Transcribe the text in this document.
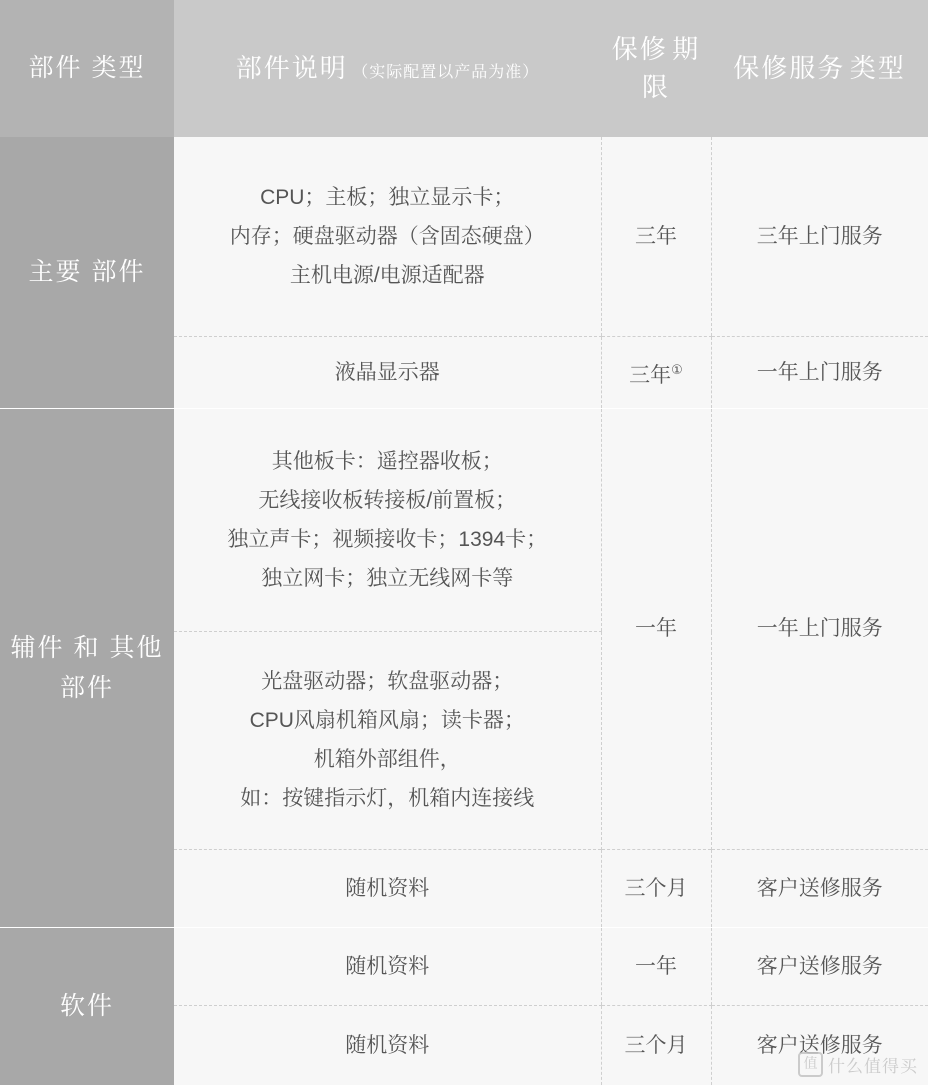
部件 类型	部件说明 （实际配置以产品为准）	保修 期限	保修服务 类型
主要 部件	CPU；主板；独立显示卡；
内存；硬盘驱动器（含固态硬盘）
主机电源/电源适配器	三年	三年上门服务

	液晶显示器	三年①	一年上门服务
辅件 和 其他部件	其他板卡：遥控器收板；
无线接收板转接板/前置板；
独立声卡；视频接收卡；1394卡；
独立网卡；独立无线网卡等	一年	一年上门服务

	光盘驱动器；软盘驱动器；
CPU风扇机箱风扇；读卡器；
机箱外部组件，
如：按键指示灯，机箱内连接线		

	随机资料	三个月	客户送修服务
软件	随机资料	一年	客户送修服务

	随机资料	三个月	客户送修服务
值 什么值得买
